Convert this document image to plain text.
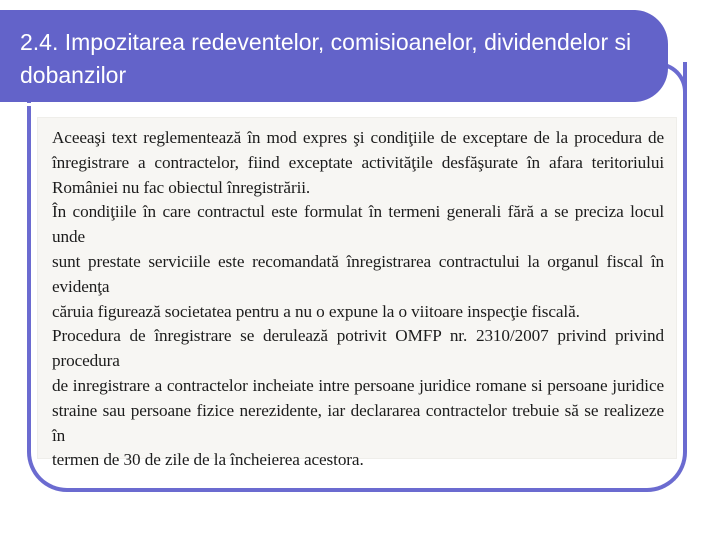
2.4. Impozitarea redeventelor, comisioanelor, dividendelor si dobanzilor

Aceeaşi text reglementează în mod expres şi condiţiile de exceptare de la procedura de
înregistrare a contractelor, fiind exceptate activităţile desfăşurate în afara teritoriului
României nu fac obiectul înregistrării.
În condiţiile în care contractul este formulat în termeni generali fără a se preciza locul unde
sunt prestate serviciile este recomandată înregistrarea contractului la organul fiscal în evidenţa
căruia figurează societatea pentru a nu o expune la o viitoare inspecţie fiscală.
Procedura de înregistrare se derulează potrivit OMFP nr. 2310/2007 privind privind procedura
de inregistrare a contractelor incheiate intre persoane juridice romane si persoane juridice
straine sau persoane fizice nerezidente, iar declararea contractelor trebuie să se realizeze în
termen de 30 de zile de la încheierea acestora.
